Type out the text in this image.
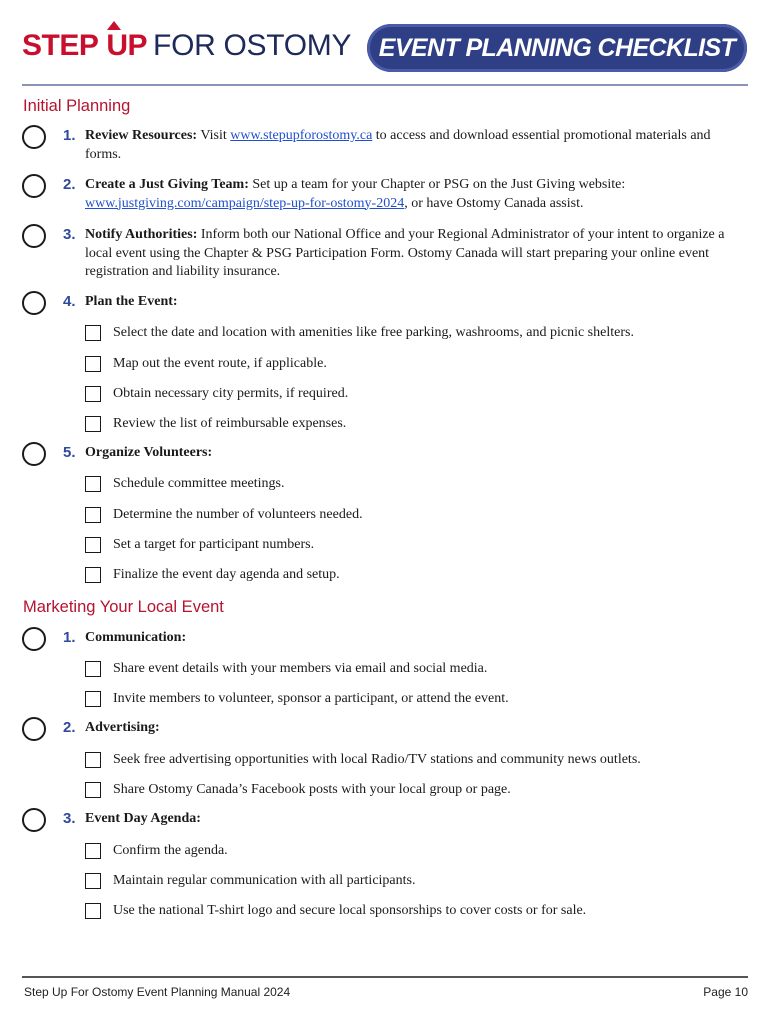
STEP UP FOR OSTOMY EVENT PLANNING CHECKLIST
Initial Planning
1. Review Resources: Visit www.stepupforostomy.ca to access and download essential promotional materials and forms.
2. Create a Just Giving Team: Set up a team for your Chapter or PSG on the Just Giving website: www.justgiving.com/campaign/step-up-for-ostomy-2024, or have Ostomy Canada assist.
3. Notify Authorities: Inform both our National Office and your Regional Administrator of your intent to organize a local event using the Chapter & PSG Participation Form. Ostomy Canada will start preparing your online event registration and liability insurance.
4. Plan the Event:
Select the date and location with amenities like free parking, washrooms, and picnic shelters.
Map out the event route, if applicable.
Obtain necessary city permits, if required.
Review the list of reimbursable expenses.
5. Organize Volunteers:
Schedule committee meetings.
Determine the number of volunteers needed.
Set a target for participant numbers.
Finalize the event day agenda and setup.
Marketing Your Local Event
1. Communication:
Share event details with your members via email and social media.
Invite members to volunteer, sponsor a participant, or attend the event.
2. Advertising:
Seek free advertising opportunities with local Radio/TV stations and community news outlets.
Share Ostomy Canada’s Facebook posts with your local group or page.
3. Event Day Agenda:
Confirm the agenda.
Maintain regular communication with all participants.
Use the national T-shirt logo and secure local sponsorships to cover costs or for sale.
Step Up For Ostomy Event Planning Manual 2024	Page 10
